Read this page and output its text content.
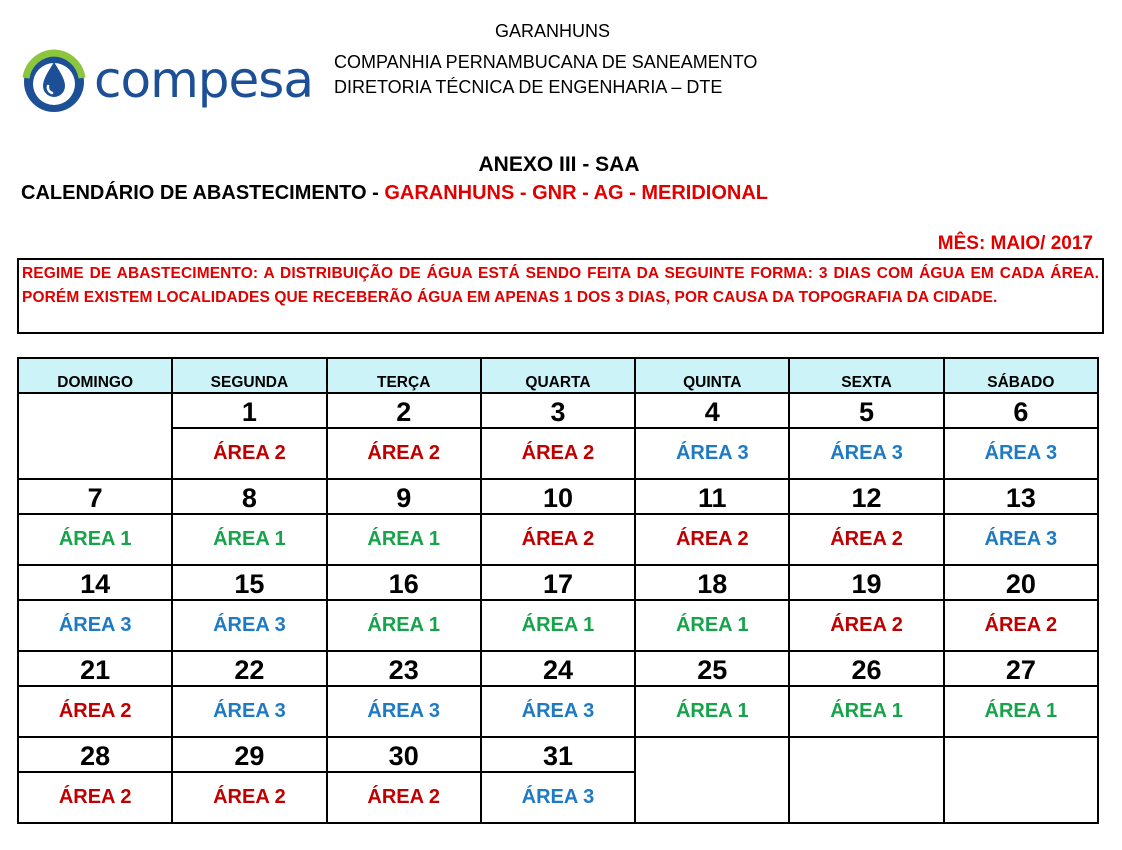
compesa
GARANHUNS
COMPANHIA PERNAMBUCANA DE SANEAMENTO
DIRETORIA TÉCNICA DE ENGENHARIA – DTE
ANEXO III - SAA
CALENDÁRIO DE ABASTECIMENTO - GARANHUNS - GNR - AG - MERIDIONAL
MÊS: MAIO/ 2017
REGIME DE ABASTECIMENTO: A DISTRIBUIÇÃO DE ÁGUA ESTÁ SENDO FEITA DA SEGUINTE FORMA: 3 DIAS COM ÁGUA EM CADA ÁREA. PORÉM EXISTEM LOCALIDADES QUE RECEBERÃO ÁGUA EM APENAS 1 DOS 3 DIAS, POR CAUSA DA TOPOGRAFIA DA CIDADE.
DOMINGO	SEGUNDA	TERÇA	QUARTA	QUINTA	SEXTA	SÁBADO
	1	2	3	4	5	6
	ÁREA 2	ÁREA 2	ÁREA 2	ÁREA 3	ÁREA 3	ÁREA 3
7	8	9	10	11	12	13
ÁREA 1	ÁREA 1	ÁREA 1	ÁREA 2	ÁREA 2	ÁREA 2	ÁREA 3
14	15	16	17	18	19	20
ÁREA 3	ÁREA 3	ÁREA 1	ÁREA 1	ÁREA 1	ÁREA 2	ÁREA 2
21	22	23	24	25	26	27
ÁREA 2	ÁREA 3	ÁREA 3	ÁREA 3	ÁREA 1	ÁREA 1	ÁREA 1
28	29	30	31			
ÁREA 2	ÁREA 2	ÁREA 2	ÁREA 3			
